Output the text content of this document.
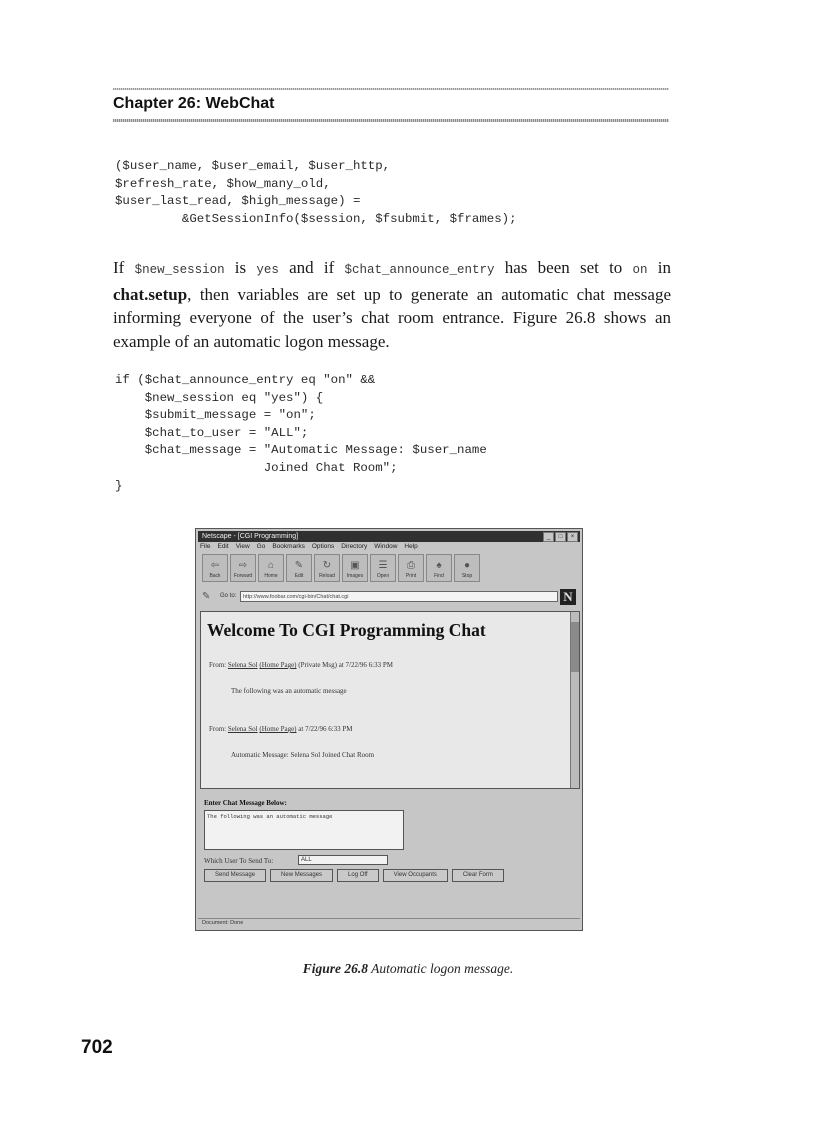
Chapter 26: WebChat
($user_name, $user_email, $user_http,
$refresh_rate, $how_many_old,
$user_last_read, $high_message) =
&GetSessionInfo($session, $fsubmit, $frames);
If $new_session is yes and if $chat_announce_entry has been set to on in chat.setup, then variables are set up to generate an automatic chat message informing everyone of the user’s chat room entrance. Figure 26.8 shows an example of an automatic logon message.
if ($chat_announce_entry eq "on" &&
$new_session eq "yes") {
$submit_message = "on";
$chat_to_user = "ALL";
$chat_message = "Automatic Message: $user_name
Joined Chat Room";
}
Netscape - [CGI Programming]	_	□	×
File Edit View Go Bookmarks Options Directory Window Help
⇦
Back
⇨
Forward
⌂
Home
✎
Edit
↻
Reload
▣
Images
☰
Open
⎙
Print
♠
Find
●
Stop
✎ Go to:	http://www.foobar.com/cgi-bin/Chat/chat.cgi	N
Welcome To CGI Programming Chat
From: Selena Sol (Home Page) (Private Msg) at 7/22/96 6:33 PM
The following was an automatic message
From: Selena Sol (Home Page) at 7/22/96 6:33 PM
Automatic Message: Selena Sol Joined Chat Room
Enter Chat Message Below:
The following was an automatic message
Which User To Send To:	ALL
Send Message	New Messages	Log Off	View Occupants	Clear Form
Document: Done
Figure 26.8 Automatic logon message.
702
